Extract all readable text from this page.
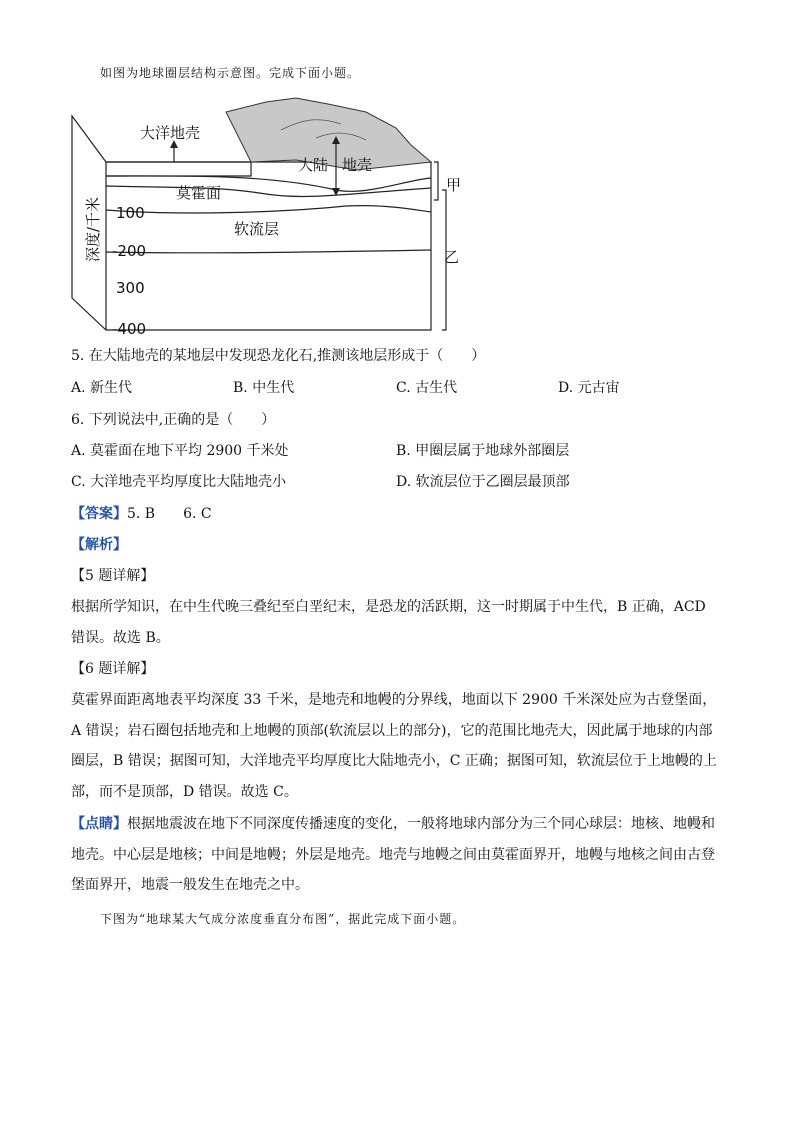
如图为地球圈层结构示意图。完成下面小题。
大洋地壳
大陆 地壳
莫霍面
软流层
甲
乙
深度/千米 100
-200
300
-400
5. 在大陆地壳的某地层中发现恐龙化石,推测该地层形成于（　　）
A. 新生代	B. 中生代	C. 古生代	D. 元古宙
6. 下列说法中,正确的是（　　）
A. 莫霍面在地下平均 2900 千米处	B. 甲圈层属于地球外部圈层
C. 大洋地壳平均厚度比大陆地壳小	D. 软流层位于乙圈层最顶部
【答案】5. B　　6. C
【解析】
【5 题详解】
根据所学知识，在中生代晚三叠纪至白垩纪末，是恐龙的活跃期，这一时期属于中生代，B 正确，ACD 错误。故选 B。
【6 题详解】
莫霍界面距离地表平均深度 33 千米，是地壳和地幔的分界线，地面以下 2900 千米深处应为古登堡面，A 错误；岩石圈包括地壳和上地幔的顶部(软流层以上的部分)，它的范围比地壳大，因此属于地球的内部圈层，B 错误；据图可知，大洋地壳平均厚度比大陆地壳小，C 正确；据图可知，软流层位于上地幔的上部，而不是顶部，D 错误。故选 C。
【点睛】根据地震波在地下不同深度传播速度的变化，一般将地球内部分为三个同心球层：地核、地幔和地壳。中心层是地核；中间是地幔；外层是地壳。地壳与地幔之间由莫霍面界开，地幔与地核之间由古登堡面界开，地震一般发生在地壳之中。
下图为“地球某大气成分浓度垂直分布图”，据此完成下面小题。
